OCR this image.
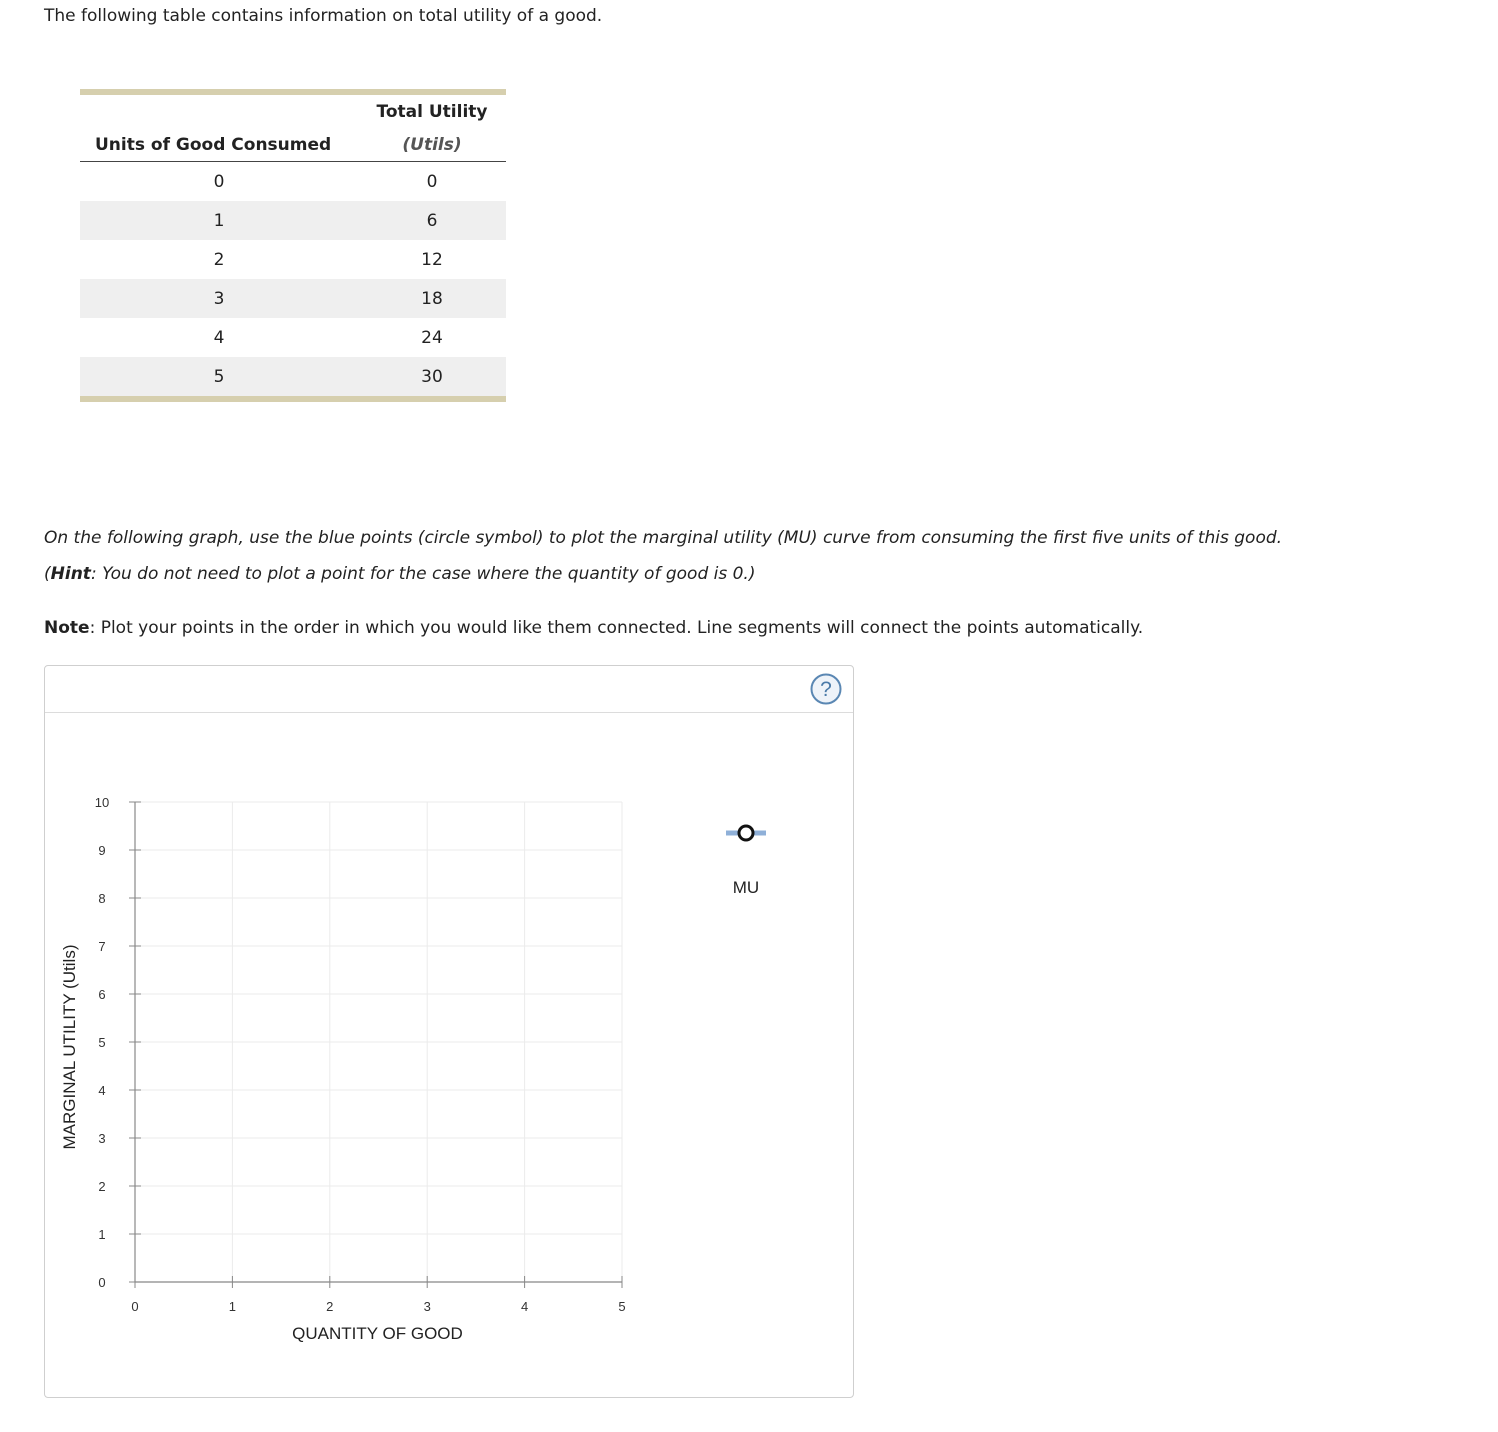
The following table contains information on total utility of a good.

	Total Utility
Units of Good Consumed	(Utils)
0	0
1	6
2	12
3	18
4	24
5	30

On the following graph, use the blue points (circle symbol) to plot the marginal utility (MU) curve from consuming the first five units of this good.

(Hint: You do not need to plot a point for the case where the quantity of good is 0.)

Note: Plot your points in the order in which you would like them connected. Line segments will connect the points automatically.

?
0
1
2
3
4
5
6
7
8
9
10
0	1	2	3	4	5
QUANTITY OF GOOD
MARGINAL UTILITY (Utils)
MU
